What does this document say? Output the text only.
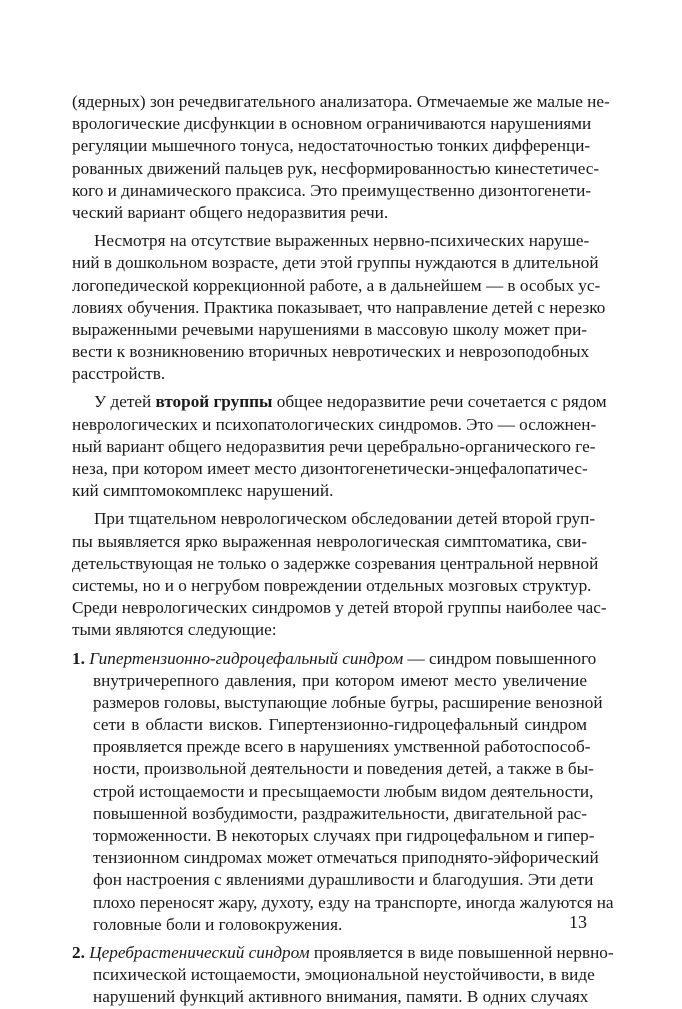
(ядерных) зон речедвигательного анализатора. Отмечаемые же малые не-
врологические дисфункции в основном ограничиваются нарушениями
регуляции мышечного тонуса, недостаточностью тонких дифференци-
рованных движений пальцев рук, несформированностью кинестетичес-
кого и динамического праксиса. Это преимущественно дизонтогенети-
ческий вариант общего недоразвития речи.
Несмотря на отсутствие выраженных нервно-психических наруше-
ний в дошкольном возрасте, дети этой группы нуждаются в длительной
логопедической коррекционной работе, а в дальнейшем — в особых ус-
ловиях обучения. Практика показывает, что направление детей с нерезко
выраженными речевыми нарушениями в массовую школу может при-
вести к возникновению вторичных невротических и неврозоподобных
расстройств.
У детей второй группы общее недоразвитие речи сочетается с рядом
неврологических и психопатологических синдромов. Это — осложнен-
ный вариант общего недоразвития речи церебрально-органического ге-
неза, при котором имеет место дизонтогенетически-энцефалопатичес-
кий симптомокомплекс нарушений.
При тщательном неврологическом обследовании детей второй груп-
пы выявляется ярко выраженная неврологическая симптоматика, сви-
детельствующая не только о задержке созревания центральной нервной
системы, но и о негрубом повреждении отдельных мозговых структур.
Среди неврологических синдромов у детей второй группы наиболее час-
тыми являются следующие:
1. Гипертензионно-гидроцефальный синдром — синдром повышенного
внутричерепного давления, при котором имеют место увеличение
размеров головы, выступающие лобные бугры, расширение венозной
сети в области висков. Гипертензионно-гидроцефальный синдром
проявляется прежде всего в нарушениях умственной работоспособ-
ности, произвольной деятельности и поведения детей, а также в бы-
строй истощаемости и пресыщаемости любым видом деятельности,
повышенной возбудимости, раздражительности, двигательной рас-
торможенности. В некоторых случаях при гидроцефальном и гипер-
тензионном синдромах может отмечаться приподнято-эйфорический
фон настроения с явлениями дурашливости и благодушия. Эти дети
плохо переносят жару, духоту, езду на транспорте, иногда жалуются на
головные боли и головокружения.
2. Церебрастенический синдром проявляется в виде повышенной нервно-
психической истощаемости, эмоциональной неустойчивости, в виде
нарушений функций активного внимания, памяти. В одних случаях
13
